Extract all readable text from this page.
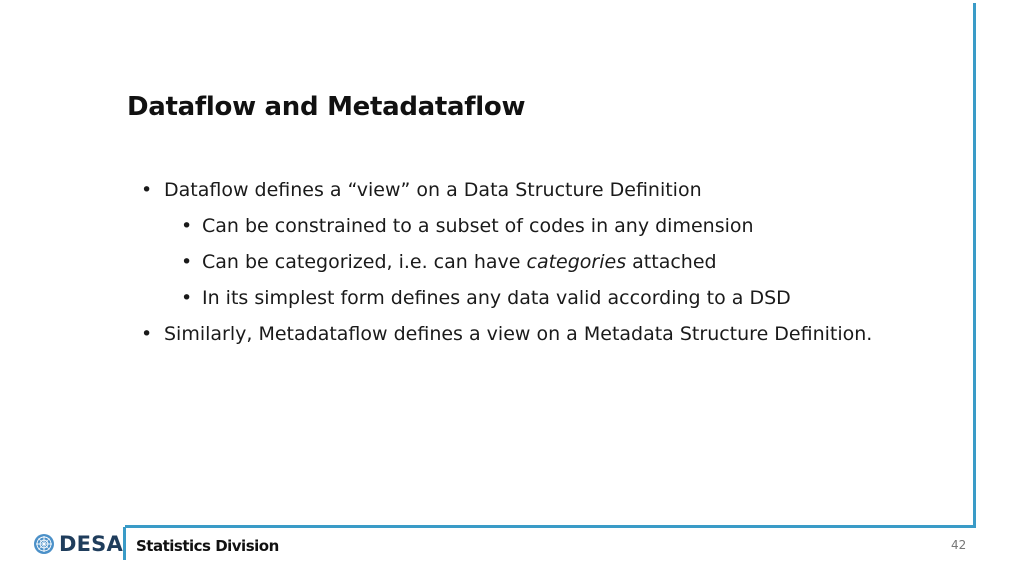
Dataflow and Metadataflow
• Dataflow defines a “view” on a Data Structure Definition
• Can be constrained to a subset of codes in any dimension
• Can be categorized, i.e. can have categories attached
• In its simplest form defines any data valid according to a DSD
• Similarly, Metadataflow defines a view on a Metadata Structure Definition.
DESA Statistics Division	42
